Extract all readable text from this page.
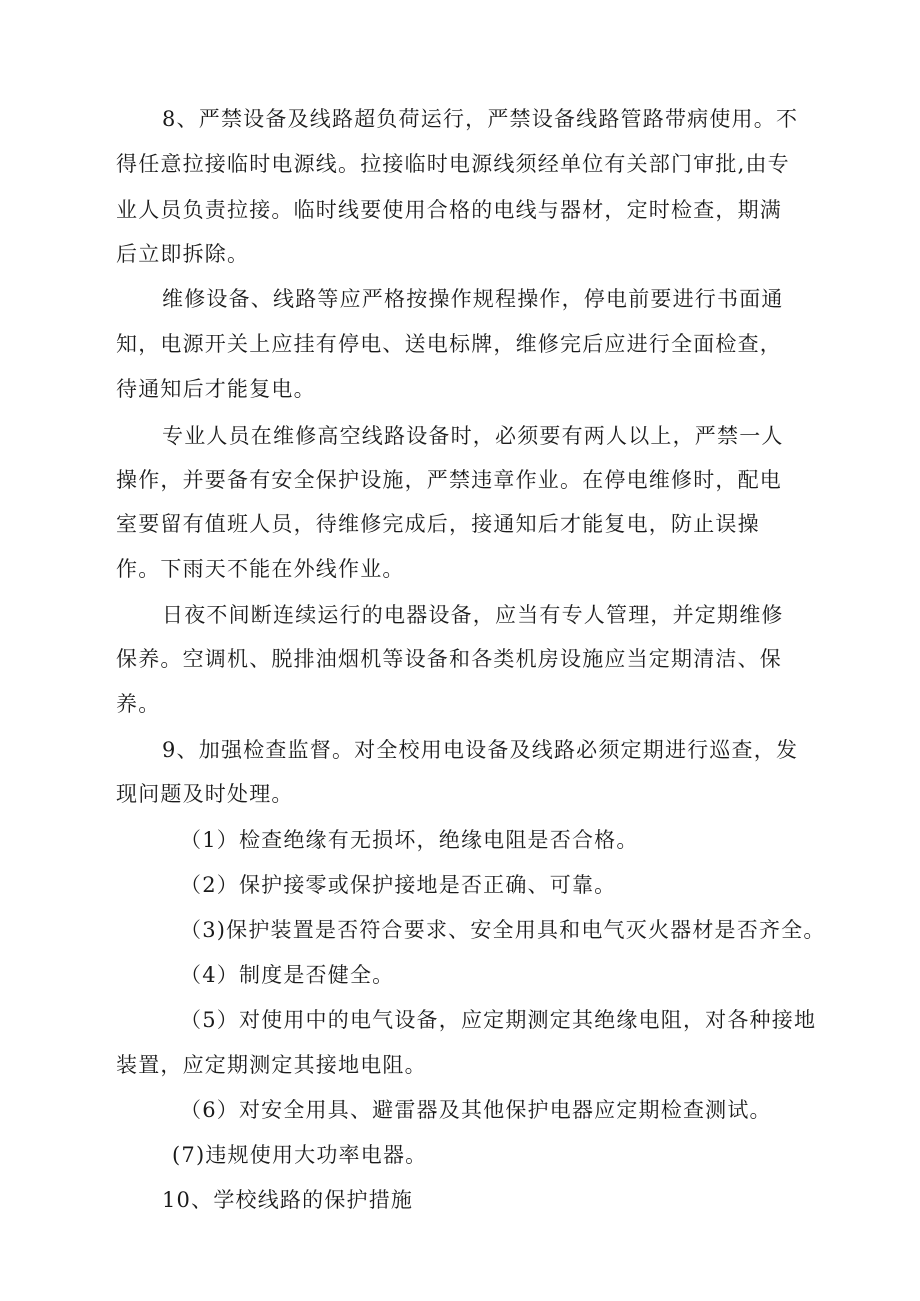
8、严禁设备及线路超负荷运行，严禁设备线路管路带病使用。不
得任意拉接临时电源线。拉接临时电源线须经单位有关部门审批,由专
业人员负责拉接。临时线要使用合格的电线与器材，定时检查，期满
后立即拆除。
维修设备、线路等应严格按操作规程操作，停电前要进行书面通
知，电源开关上应挂有停电、送电标牌，维修完后应进行全面检查，
待通知后才能复电。
专业人员在维修高空线路设备时，必须要有两人以上，严禁一人
操作，并要备有安全保护设施，严禁违章作业。在停电维修时，配电
室要留有值班人员，待维修完成后，接通知后才能复电，防止误操
作。下雨天不能在外线作业。
日夜不间断连续运行的电器设备，应当有专人管理，并定期维修
保养。空调机、脱排油烟机等设备和各类机房设施应当定期清洁、保
养。
9、加强检查监督。对全校用电设备及线路必须定期进行巡查，发
现问题及时处理。
（1）检查绝缘有无损坏，绝缘电阻是否合格。
（2）保护接零或保护接地是否正确、可靠。
（3)保护装置是否符合要求、安全用具和电气灭火器材是否齐全。
（4）制度是否健全。
（5）对使用中的电气设备，应定期测定其绝缘电阻，对各种接地
装置，应定期测定其接地电阻。
（6）对安全用具、避雷器及其他保护电器应定期检查测试。
(7)违规使用大功率电器。
10、学校线路的保护措施
